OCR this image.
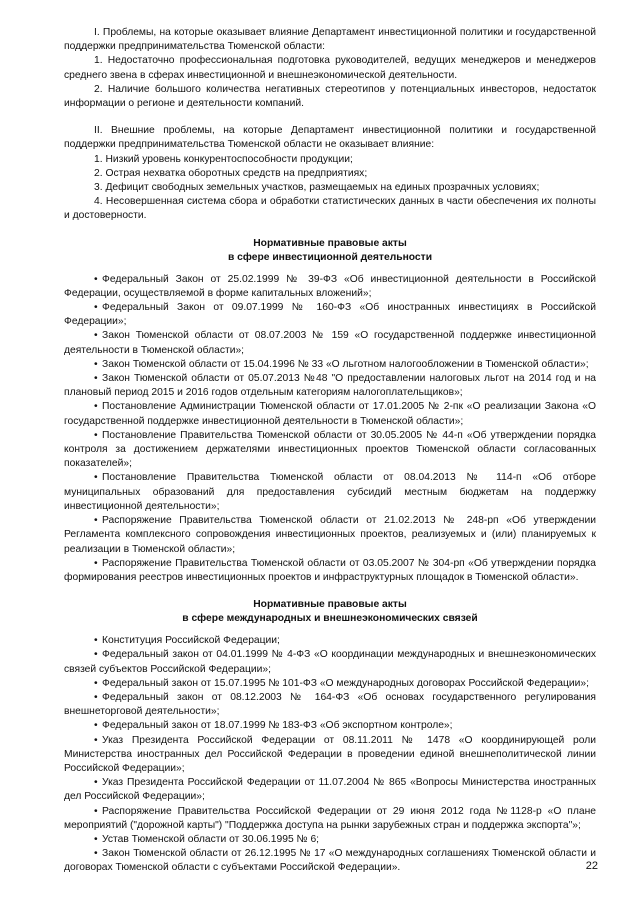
I. Проблемы, на которые оказывает влияние Департамент инвестиционной политики и государственной поддержки предпринимательства Тюменской области:

1. Недостаточно профессиональная подготовка руководителей, ведущих менеджеров и менеджеров среднего звена в сферах инвестиционной и внешнеэкономической деятельности.

2. Наличие большого количества негативных стереотипов у потенциальных инвесторов, недостаток информации о регионе и деятельности компаний.

II. Внешние проблемы, на которые Департамент инвестиционной политики и государственной поддержки предпринимательства Тюменской области не оказывает влияние:

1. Низкий уровень конкурентоспособности продукции;

2. Острая нехватка оборотных средств на предприятиях;

3. Дефицит свободных земельных участков, размещаемых на единых прозрачных условиях;

4. Несовершенная система сбора и обработки статистических данных в части обеспечения их полноты и достоверности.

Нормативные правовые акты
в сфере инвестиционной деятельности
• Федеральный Закон от 25.02.1999 № 39-ФЗ «Об инвестиционной деятельности в Российской Федерации, осуществляемой в форме капитальных вложений»;
• Федеральный Закон от 09.07.1999 № 160-ФЗ «Об иностранных инвестициях в Российской Федерации»;
• Закон Тюменской области от 08.07.2003 № 159 «О государственной поддержке инвестиционной деятельности в Тюменской области»;
• Закон Тюменской области от 15.04.1996 № 33 «О льготном налогообложении в Тюменской области»;
• Закон Тюменской области от 05.07.2013 №48 "О предоставлении налоговых льгот на 2014 год и на плановый период 2015 и 2016 годов отдельным категориям налогоплательщиков»;
• Постановление Администрации Тюменской области от 17.01.2005 № 2-пк «О реализации Закона «О государственной поддержке инвестиционной деятельности в Тюменской области»;
• Постановление Правительства Тюменской области от 30.05.2005 № 44-п «Об утверждении порядка контроля за достижением держателями инвестиционных проектов Тюменской области согласованных показателей»;
• Постановление Правительства Тюменской области от 08.04.2013 № 114-п «Об отборе муниципальных образований для предоставления субсидий местным бюджетам на поддержку инвестиционной деятельности»;
• Распоряжение Правительства Тюменской области от 21.02.2013 № 248-рп «Об утверждении Регламента комплексного сопровождения инвестиционных проектов, реализуемых и (или) планируемых к реализации в Тюменской области»;
• Распоряжение Правительства Тюменской области от 03.05.2007 № 304-рп «Об утверждении порядка формирования реестров инвестиционных проектов и инфраструктурных площадок в Тюменской области».
Нормативные правовые акты
в сфере международных и внешнеэкономических связей
• Конституция Российской Федерации;
• Федеральный закон от 04.01.1999 № 4-ФЗ «О координации международных и внешнеэкономических связей субъектов Российской Федерации»;
• Федеральный закон от 15.07.1995 № 101-ФЗ «О международных договорах Российской Федерации»;
• Федеральный закон от 08.12.2003 № 164-ФЗ «Об основах государственного регулирования внешнеторговой деятельности»;
• Федеральный закон от 18.07.1999 № 183-ФЗ «Об экспортном контроле»;
• Указ Президента Российской Федерации от 08.11.2011 № 1478 «О координирующей роли Министерства иностранных дел Российской Федерации в проведении единой внешнеполитической линии Российской Федерации»;
• Указ Президента Российской Федерации от 11.07.2004 № 865 «Вопросы Министерства иностранных дел Российской Федерации»;
• Распоряжение Правительства Российской Федерации от 29 июня 2012 года №1128-р «О плане мероприятий ("дорожной карты") "Поддержка доступа на рынки зарубежных стран и поддержка экспорта"»;
• Устав Тюменской области от 30.06.1995 № 6;
• Закон Тюменской области от 26.12.1995 № 17 «О международных соглашениях Тюменской области и договорах Тюменской области с субъектами Российской Федерации».	22
